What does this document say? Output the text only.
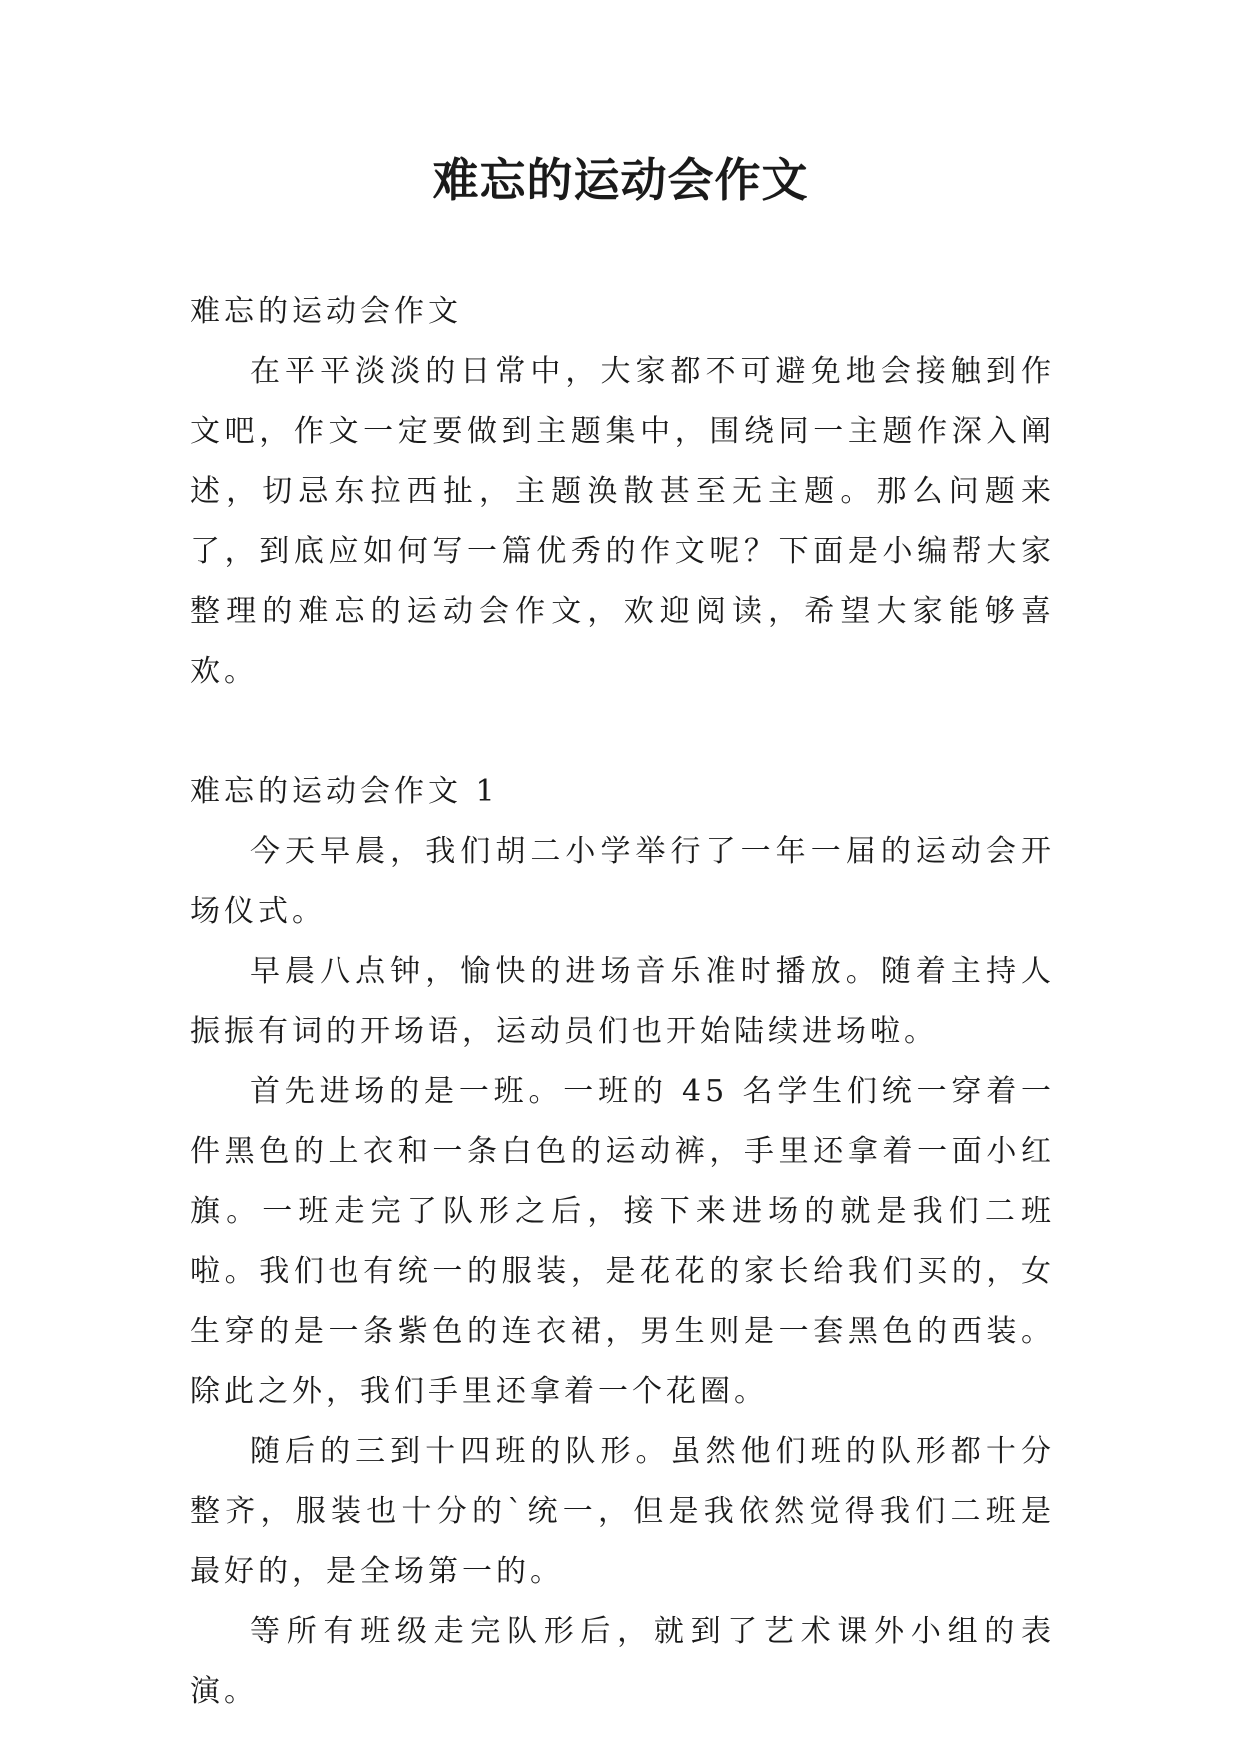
难忘的运动会作文

难忘的运动会作文

在平平淡淡的日常中，大家都不可避免地会接触到作文吧，作文一定要做到主题集中，围绕同一主题作深入阐述，切忌东拉西扯，主题涣散甚至无主题。那么问题来了，到底应如何写一篇优秀的作文呢？下面是小编帮大家整理的难忘的运动会作文，欢迎阅读，希望大家能够喜欢。

难忘的运动会作文 1

今天早晨，我们胡二小学举行了一年一届的运动会开场仪式。

早晨八点钟，愉快的进场音乐准时播放。随着主持人振振有词的开场语，运动员们也开始陆续进场啦。

首先进场的是一班。一班的 45 名学生们统一穿着一件黑色的上衣和一条白色的运动裤，手里还拿着一面小红旗。一班走完了队形之后，接下来进场的就是我们二班啦。我们也有统一的服装，是花花的家长给我们买的，女生穿的是一条紫色的连衣裙，男生则是一套黑色的西装。除此之外，我们手里还拿着一个花圈。

随后的三到十四班的队形。虽然他们班的队形都十分整齐，服装也十分的`统一，但是我依然觉得我们二班是最好的，是全场第一的。

等所有班级走完队形后，就到了艺术课外小组的表演。
